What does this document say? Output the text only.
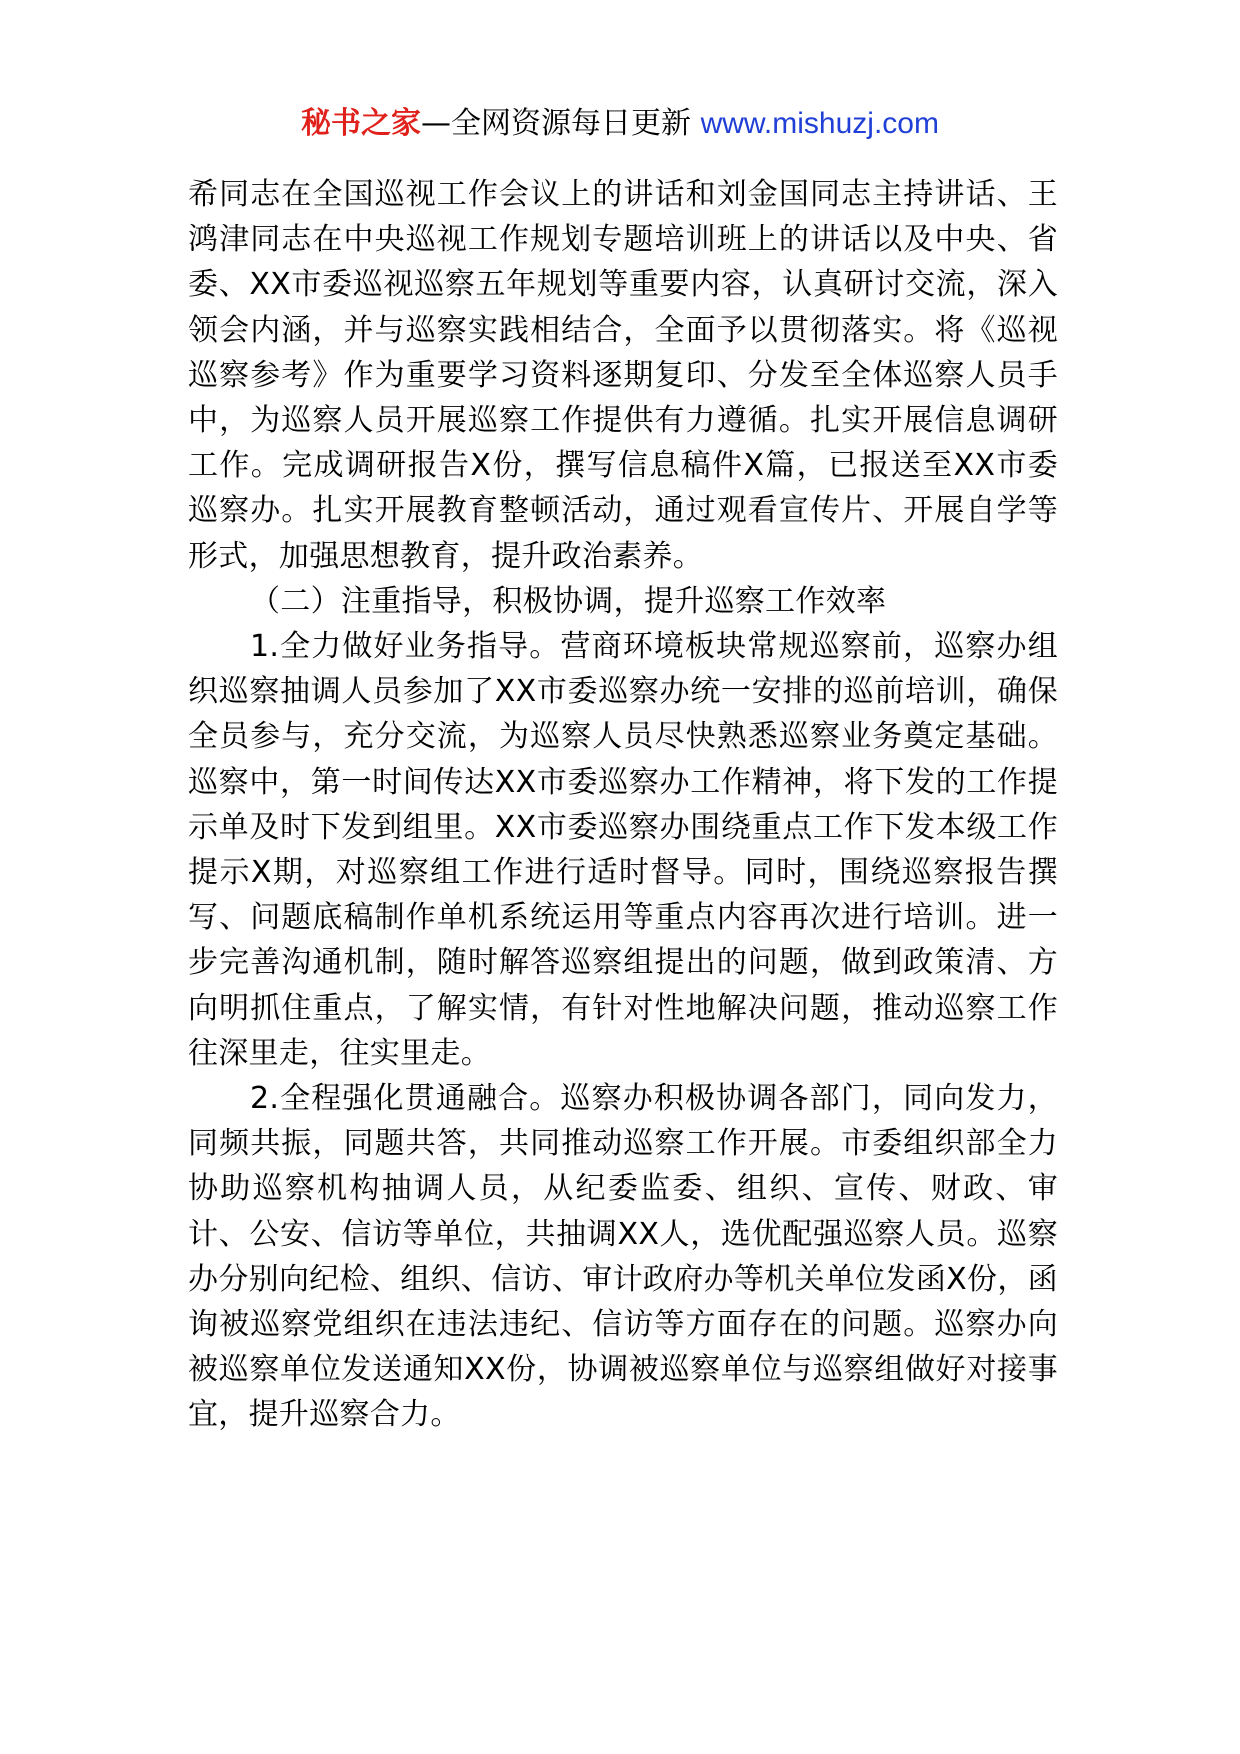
秘书之家—全网资源每日更新 www.mishuzj.com

希同志在全国巡视工作会议上的讲话和刘金国同志主持讲话、王鸿津同志在中央巡视工作规划专题培训班上的讲话以及中央、省委、XX市委巡视巡察五年规划等重要内容，认真研讨交流，深入领会内涵，并与巡察实践相结合，全面予以贯彻落实。将《巡视巡察参考》作为重要学习资料逐期复印、分发至全体巡察人员手中，为巡察人员开展巡察工作提供有力遵循。扎实开展信息调研工作。完成调研报告X份，撰写信息稿件X篇，已报送至XX市委巡察办。扎实开展教育整顿活动，通过观看宣传片、开展自学等形式，加强思想教育，提升政治素养。

（二）注重指导，积极协调，提升巡察工作效率

1.全力做好业务指导。营商环境板块常规巡察前，巡察办组织巡察抽调人员参加了XX市委巡察办统一安排的巡前培训，确保全员参与，充分交流，为巡察人员尽快熟悉巡察业务奠定基础。巡察中，第一时间传达XX市委巡察办工作精神，将下发的工作提示单及时下发到组里。XX市委巡察办围绕重点工作下发本级工作提示X期，对巡察组工作进行适时督导。同时，围绕巡察报告撰写、问题底稿制作单机系统运用等重点内容再次进行培训。进一步完善沟通机制，随时解答巡察组提出的问题，做到政策清、方向明抓住重点，了解实情，有针对性地解决问题，推动巡察工作往深里走，往实里走。

2.全程强化贯通融合。巡察办积极协调各部门，同向发力，同频共振，同题共答，共同推动巡察工作开展。市委组织部全力协助巡察机构抽调人员，从纪委监委、组织、宣传、财政、审计、公安、信访等单位，共抽调XX人，选优配强巡察人员。巡察办分别向纪检、组织、信访、审计政府办等机关单位发函X份，函询被巡察党组织在违法违纪、信访等方面存在的问题。巡察办向被巡察单位发送通知XX份，协调被巡察单位与巡察组做好对接事宜，提升巡察合力。
